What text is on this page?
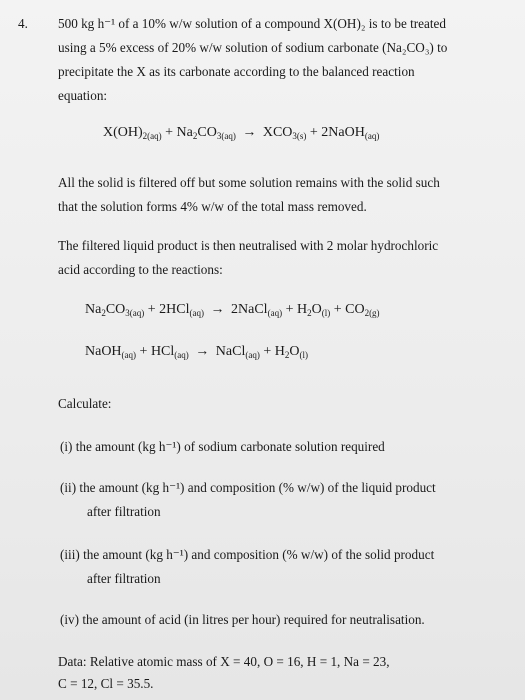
4. 500 kg h⁻¹ of a 10% w/w solution of a compound X(OH)₂ is to be treated
using a 5% excess of 20% w/w solution of sodium carbonate (Na₂CO₃) to
precipitate the X as its carbonate according to the balanced reaction
equation:
$X(OH)_{2(aq)} + Na_2CO_{3(aq)} \to XCO_{3(s)}$ + 2NaOH$_{(aq)}$
All the solid is filtered off but some solution remains with the solid such
that the solution forms 4% w/w of the total mass removed.
The filtered liquid product is then neutralised with 2 molar hydrochloric
acid according to the reactions:
$Na_2CO_{3(aq)} + 2HCl_{(aq)}$ → 2NaCl$_{(aq)}$ + $H_2O_{(l)} + CO_{2(g)}$
NaOH$_{(aq)}$ + HCl$_{(aq)}$ → NaCl$_{(aq)}$ + $H_2O_{(l)}$
Calculate:
(i) the amount (kg h⁻¹) of sodium carbonate solution required
(ii) the amount (kg h⁻¹) and composition (% w/w) of the liquid product
after filtration
(iii) the amount (kg h⁻¹) and composition (% w/w) of the solid product
after filtration
(iv) the amount of acid (in litres per hour) required for neutralisation.
Data: Relative atomic mass of X = 40, O = 16, H = 1, Na = 23,
C = 12, Cl = 35.5.
